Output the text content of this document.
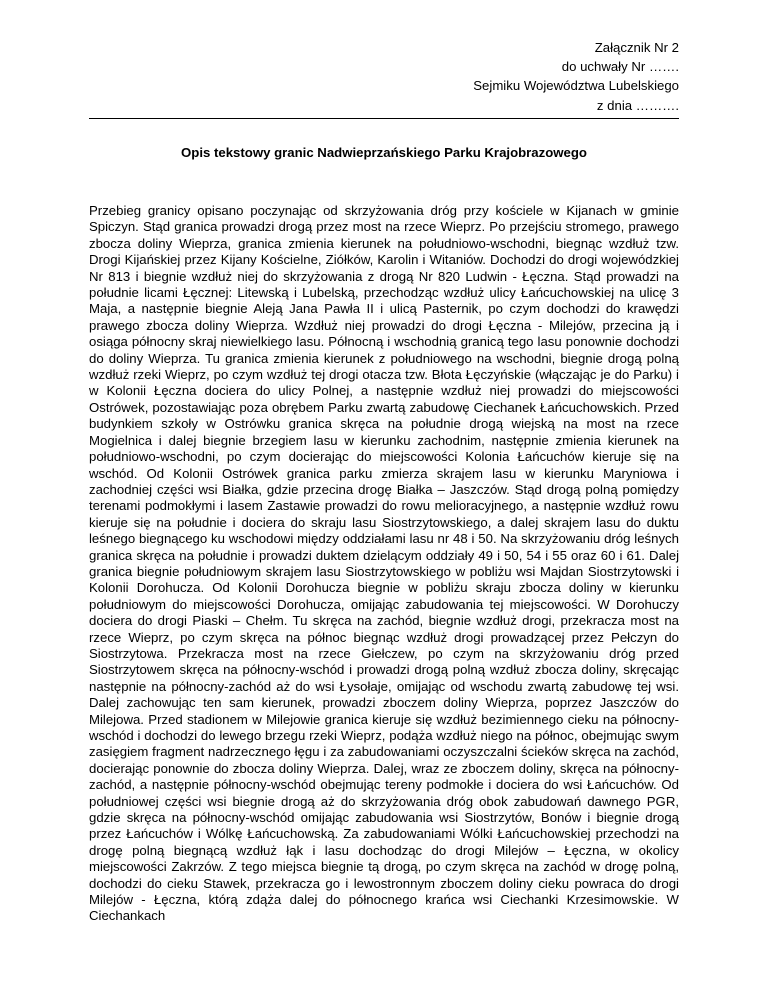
Załącznik Nr 2
do uchwały Nr …….
Sejmiku Województwa Lubelskiego
z dnia ……….
Opis tekstowy granic Nadwieprzańskiego Parku Krajobrazowego

Przebieg granicy opisano poczynając od skrzyżowania dróg przy kościele w Kijanach w gminie Spiczyn. Stąd granica prowadzi drogą przez most na rzece Wieprz. Po przejściu stromego, prawego zbocza doliny Wieprza, granica zmienia kierunek na południowo-wschodni, biegnąc wzdłuż tzw. Drogi Kijańskiej przez Kijany Kościelne, Ziółków, Karolin i Witaniów. Dochodzi do drogi wojewódzkiej Nr 813 i biegnie wzdłuż niej do skrzyżowania z drogą Nr 820 Ludwin - Łęczna. Stąd prowadzi na południe licami Łęcznej: Litewską i Lubelską, przechodząc wzdłuż ulicy Łańcuchowskiej na ulicę 3 Maja, a następnie biegnie Aleją Jana Pawła II i ulicą Pasternik, po czym dochodzi do krawędzi prawego zbocza doliny Wieprza. Wzdłuż niej prowadzi do drogi Łęczna - Milejów, przecina ją i osiąga północny skraj niewielkiego lasu. Północną i wschodnią granicą tego lasu ponownie dochodzi do doliny Wieprza. Tu granica zmienia kierunek z południowego na wschodni, biegnie drogą polną wzdłuż rzeki Wieprz, po czym wzdłuż tej drogi otacza tzw. Błota Łęczyńskie (włączając je do Parku) i w Kolonii Łęczna dociera do ulicy Polnej, a następnie wzdłuż niej prowadzi do miejscowości Ostrówek, pozostawiając poza obrębem Parku zwartą zabudowę Ciechanek Łańcuchowskich. Przed budynkiem szkoły w Ostrówku granica skręca na południe drogą wiejską na most na rzece Mogielnica i dalej biegnie brzegiem lasu w kierunku zachodnim, następnie zmienia kierunek na południowo-wschodni, po czym docierając do miejscowości Kolonia Łańcuchów kieruje się na wschód. Od Kolonii Ostrówek granica parku zmierza skrajem lasu w kierunku Maryniowa i zachodniej części wsi Białka, gdzie przecina drogę Białka – Jaszczów. Stąd drogą polną pomiędzy terenami podmokłymi i lasem Zastawie prowadzi do rowu melioracyjnego, a następnie wzdłuż rowu kieruje się na południe i dociera do skraju lasu Siostrzytowskiego, a dalej skrajem lasu do duktu leśnego biegnącego ku wschodowi między oddziałami lasu nr 48 i 50. Na skrzyżowaniu dróg leśnych granica skręca na południe i prowadzi duktem dzielącym oddziały 49 i 50, 54 i 55 oraz 60 i 61. Dalej granica biegnie południowym skrajem lasu Siostrzytowskiego w pobliżu wsi Majdan Siostrzytowski i Kolonii Dorohucza. Od Kolonii Dorohucza biegnie w pobliżu skraju zbocza doliny w kierunku południowym do miejscowości Dorohucza, omijając zabudowania tej miejscowości. W Dorohuczy dociera do drogi Piaski – Chełm. Tu skręca na zachód, biegnie wzdłuż drogi, przekracza most na rzece Wieprz, po czym skręca na północ biegnąc wzdłuż drogi prowadzącej przez Pełczyn do Siostrzytowa. Przekracza most na rzece Giełczew, po czym na skrzyżowaniu dróg przed Siostrzytowem skręca na północny-wschód i prowadzi drogą polną wzdłuż zbocza doliny, skręcając następnie na północny-zachód aż do wsi Łysołaje, omijając od wschodu zwartą zabudowę tej wsi. Dalej zachowując ten sam kierunek, prowadzi zboczem doliny Wieprza, poprzez Jaszczów do Milejowa. Przed stadionem w Milejowie granica kieruje się wzdłuż bezimiennego cieku na północny-wschód i dochodzi do lewego brzegu rzeki Wieprz, podąża wzdłuż niego na północ, obejmując swym zasięgiem fragment nadrzecznego łęgu i za zabudowaniami oczyszczalni ścieków skręca na zachód, docierając ponownie do zbocza doliny Wieprza. Dalej, wraz ze zboczem doliny, skręca na północny-zachód, a następnie północny-wschód obejmując tereny podmokłe i dociera do wsi Łańcuchów. Od południowej części wsi biegnie drogą aż do skrzyżowania dróg obok zabudowań dawnego PGR, gdzie skręca na północny-wschód omijając zabudowania wsi Siostrzytów, Bonów i biegnie drogą przez Łańcuchów i Wólkę Łańcuchowską. Za zabudowaniami Wólki Łańcuchowskiej przechodzi na drogę polną biegnącą wzdłuż łąk i lasu dochodząc do drogi Milejów – Łęczna, w okolicy miejscowości Zakrzów. Z tego miejsca biegnie tą drogą, po czym skręca na zachód w drogę polną, dochodzi do cieku Stawek, przekracza go i lewostronnym zboczem doliny cieku powraca do drogi Milejów - Łęczna, którą zdąża dalej do północnego krańca wsi Ciechanki Krzesimowskie. W Ciechankach
